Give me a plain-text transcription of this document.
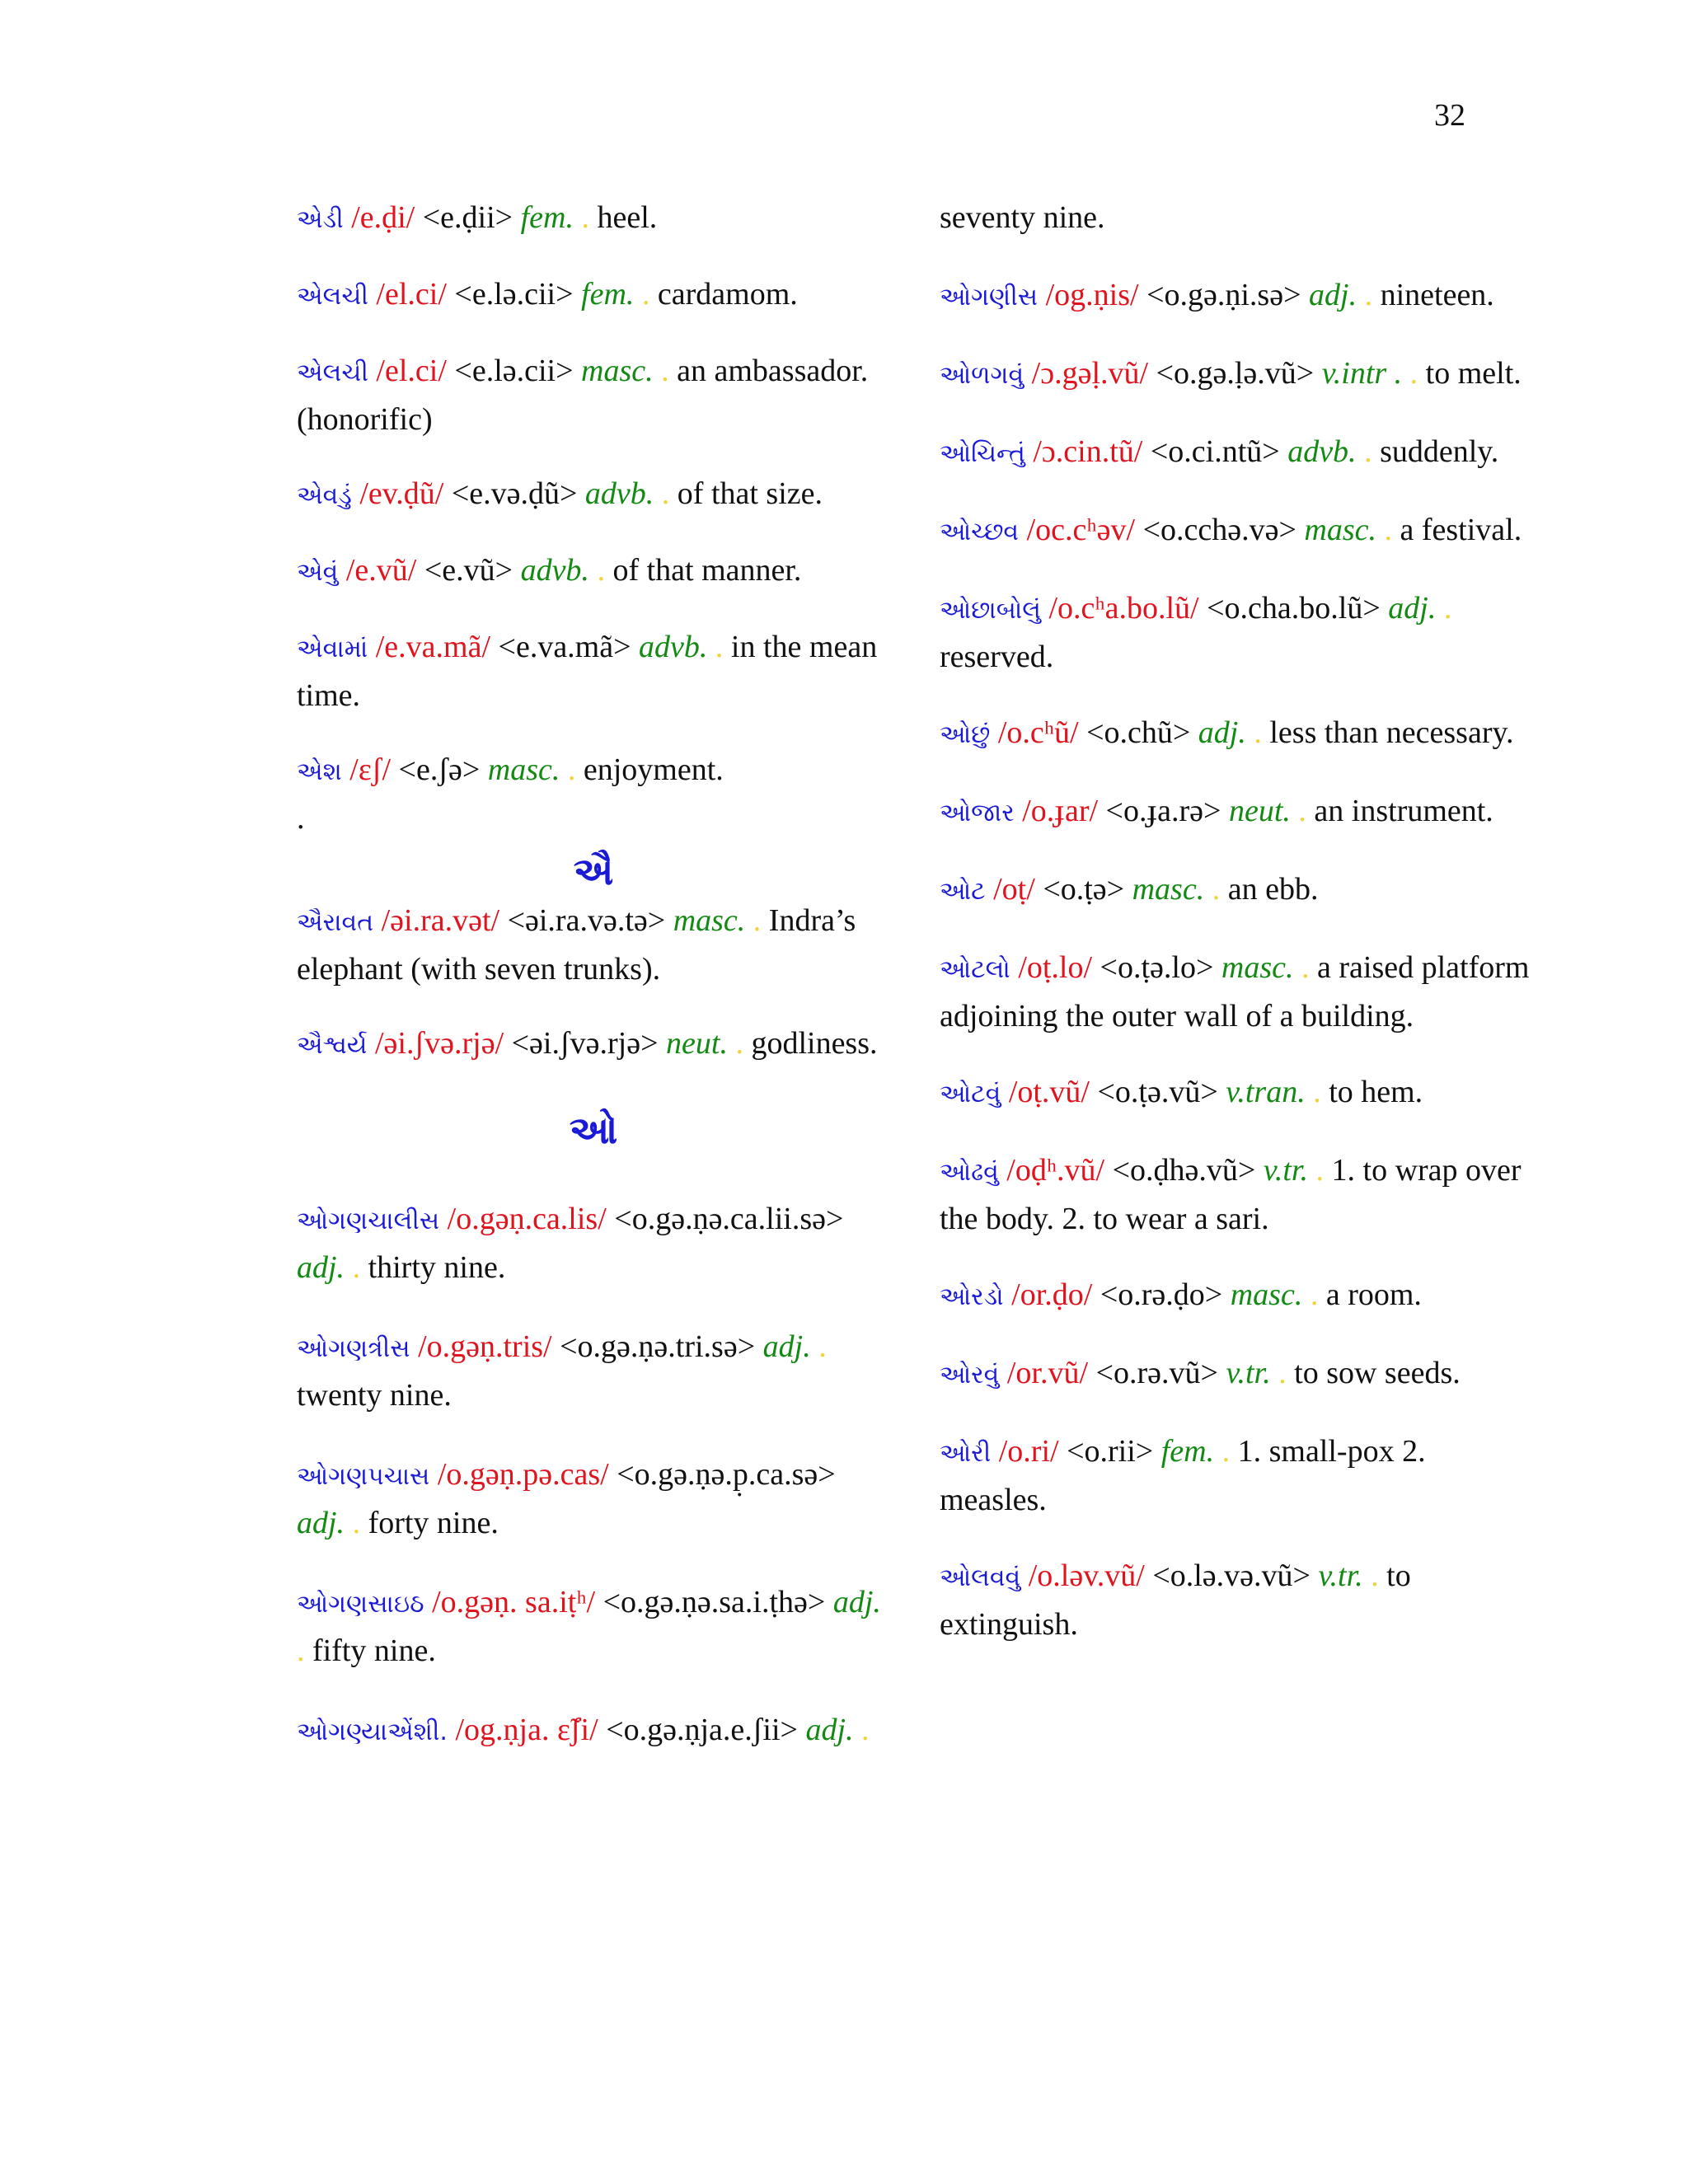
32
એડી /e.ḍi/ <e.ḍii> fem. . heel.
એલચી /el.ci/ <e.lə.cii> fem. . cardamom.
એલચી /el.ci/ <e.lə.cii> masc. . an ambassador. (honorific)
એવડું /ev.ḍũ/ <e.və.ḍũ> advb. . of that size.
એવું /e.vũ/ <e.vũ> advb. . of that manner.
એવામાં /e.va.mã/ <e.va.mã> advb. . in the mean time.
એશ /ɛʃ/ <e.ʃə> masc. . enjoyment.
.
ઐ
ઐરાવત /əi.ra.vət/ <əi.ra.və.tə> masc. . Indra’s elephant (with seven trunks).
ઐશ્વર્ય /əi.ʃvə.rjə/ <əi.ʃvə.rjə> neut. . godliness.
ઓ
ઓગણચાલીસ /o.gəṇ.ca.lis/ <o.gə.ṇə.ca.lii.sə> adj. . thirty nine.
ઓગણત્રીસ /o.gəṇ.tris/ <o.gə.ṇə.tri.sə> adj. . twenty nine.
ઓગણપચાસ /o.gəṇ.pə.cas/ <o.gə.ṇə.p̣.ca.sə> adj. . forty nine.
ઓગણસાઇઠ /o.gəṇ. sa.iṭʰ/ <o.gə.ṇə.sa.i.ṭhə> adj. . fifty nine.
ઓગણ્યાએંશી. /og.ṇja. ɛ̃ʃi/ <o.gə.ṇja.e.ʃii> adj. .
seventy nine.
ઓગણીસ /og.ṇis/ <o.gə.ṇi.sə> adj. . nineteen.
ઓળગવું /ɔ.gəḷ.vũ/ <o.gə.ḷə.vũ> v.intr . . to melt.
ઓચિન્તું /ɔ.cin.tũ/ <o.ci.ntũ> advb. . suddenly.
ઓચ્છવ /oc.cʰəv/ <o.cchə.və> masc. . a festival.
ઓછાબોલું /o.cʰa.bo.lũ/ <o.cha.bo.lũ> adj. . reserved.
ઓછું /o.cʰũ/ <o.chũ> adj. . less than necessary.
ઓજાર /o.ɟar/ <o.ɟa.rə> neut. . an instrument.
ઓટ /oṭ/ <o.ṭə> masc. . an ebb.
ઓટલો /oṭ.lo/ <o.ṭə.lo> masc. . a raised platform adjoining the outer wall of a building.
ઓટવું /oṭ.vũ/ <o.ṭə.vũ> v.tran. . to hem.
ઓઢવું /oḍʰ.vũ/ <o.ḍhə.vũ> v.tr. . 1. to wrap over the body. 2. to wear a sari.
ઓરડો /or.ḍo/ <o.rə.ḍo> masc. . a room.
ઓરવું /or.vũ/ <o.rə.vũ> v.tr. . to sow seeds.
ઓરી /o.ri/ <o.rii> fem. . 1. small-pox 2. measles.
ઓલવવું /o.ləv.vũ/ <o.lə.və.vũ> v.tr. . to extinguish.
